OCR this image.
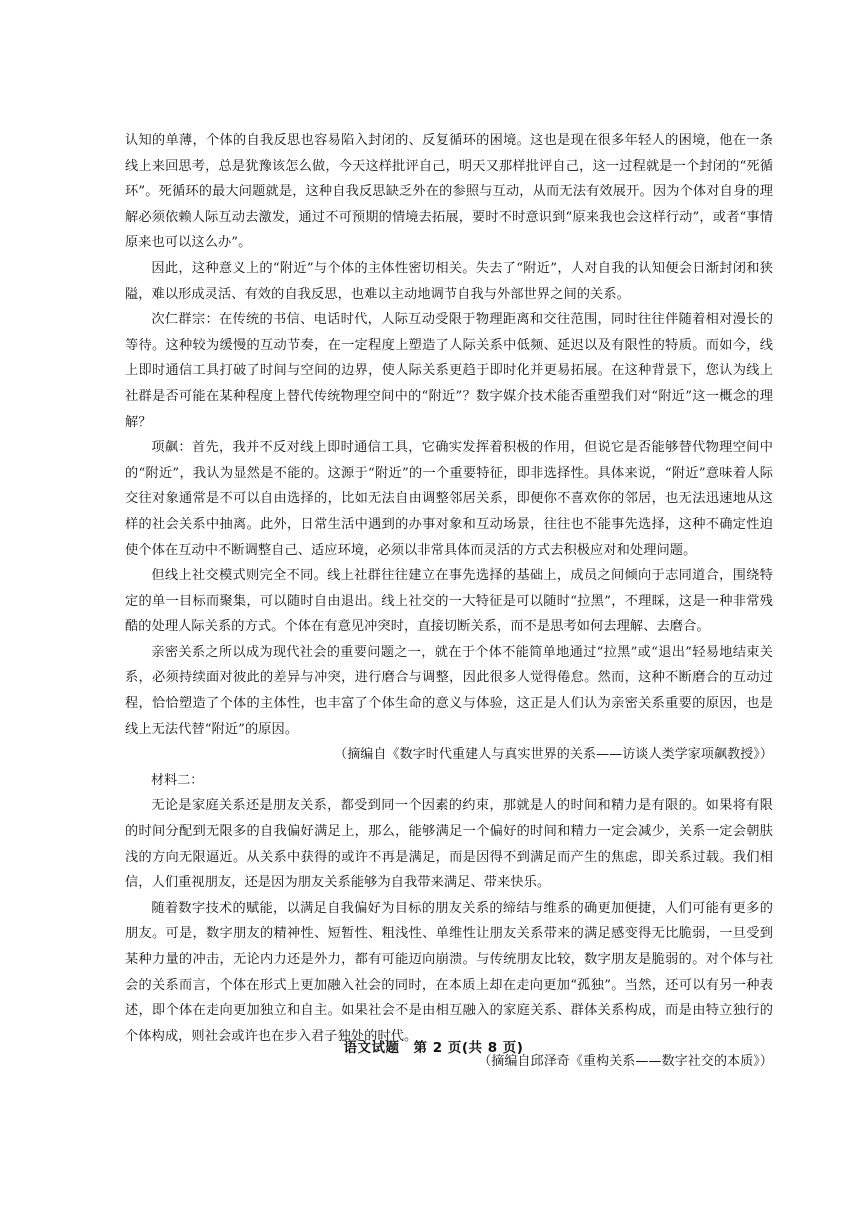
认知的单薄，个体的自我反思也容易陷入封闭的、反复循环的困境。这也是现在很多年轻人的困境，他在一条线上来回思考，总是犹豫该怎么做，今天这样批评自己，明天又那样批评自己，这一过程就是一个封闭的“死循环”。死循环的最大问题就是，这种自我反思缺乏外在的参照与互动，从而无法有效展开。因为个体对自身的理解必须依赖人际互动去激发，通过不可预期的情境去拓展，要时不时意识到“原来我也会这样行动”，或者“事情原来也可以这么办”。

因此，这种意义上的“附近”与个体的主体性密切相关。失去了“附近”，人对自我的认知便会日渐封闭和狭隘，难以形成灵活、有效的自我反思，也难以主动地调节自我与外部世界之间的关系。

次仁群宗：在传统的书信、电话时代，人际互动受限于物理距离和交往范围，同时往往伴随着相对漫长的等待。这种较为缓慢的互动节奏，在一定程度上塑造了人际关系中低频、延迟以及有限性的特质。而如今，线上即时通信工具打破了时间与空间的边界，使人际关系更趋于即时化并更易拓展。在这种背景下，您认为线上社群是否可能在某种程度上替代传统物理空间中的“附近”？数字媒介技术能否重塑我们对“附近”这一概念的理解？

项飙：首先，我并不反对线上即时通信工具，它确实发挥着积极的作用，但说它是否能够替代物理空间中的“附近”，我认为显然是不能的。这源于“附近”的一个重要特征，即非选择性。具体来说，“附近”意味着人际交往对象通常是不可以自由选择的，比如无法自由调整邻居关系，即便你不喜欢你的邻居，也无法迅速地从这样的社会关系中抽离。此外，日常生活中遇到的办事对象和互动场景，往往也不能事先选择，这种不确定性迫使个体在互动中不断调整自己、适应环境，必须以非常具体而灵活的方式去积极应对和处理问题。

但线上社交模式则完全不同。线上社群往往建立在事先选择的基础上，成员之间倾向于志同道合，围绕特定的单一目标而聚集，可以随时自由退出。线上社交的一大特征是可以随时“拉黑”，不理睬，这是一种非常残酷的处理人际关系的方式。个体在有意见冲突时，直接切断关系，而不是思考如何去理解、去磨合。

亲密关系之所以成为现代社会的重要问题之一，就在于个体不能简单地通过“拉黑”或“退出”轻易地结束关系，必须持续面对彼此的差异与冲突，进行磨合与调整，因此很多人觉得倦怠。然而，这种不断磨合的互动过程，恰恰塑造了个体的主体性，也丰富了个体生命的意义与体验，这正是人们认为亲密关系重要的原因，也是线上无法代替“附近”的原因。

（摘编自《数字时代重建人与真实世界的关系——访谈人类学家项飙教授》）

材料二：

无论是家庭关系还是朋友关系，都受到同一个因素的约束，那就是人的时间和精力是有限的。如果将有限的时间分配到无限多的自我偏好满足上，那么，能够满足一个偏好的时间和精力一定会减少，关系一定会朝肤浅的方向无限逼近。从关系中获得的或许不再是满足，而是因得不到满足而产生的焦虑，即关系过载。我们相信，人们重视朋友，还是因为朋友关系能够为自我带来满足、带来快乐。

随着数字技术的赋能，以满足自我偏好为目标的朋友关系的缔结与维系的确更加便捷，人们可能有更多的朋友。可是，数字朋友的精神性、短暂性、粗浅性、单维性让朋友关系带来的满足感变得无比脆弱，一旦受到某种力量的冲击，无论内力还是外力，都有可能迈向崩溃。与传统朋友比较，数字朋友是脆弱的。对个体与社会的关系而言，个体在形式上更加融入社会的同时，在本质上却在走向更加“孤独”。当然，还可以有另一种表述，即个体在走向更加独立和自主。如果社会不是由相互融入的家庭关系、群体关系构成，而是由特立独行的个体构成，则社会或许也在步入君子独处的时代。

（摘编自邱泽奇《重构关系——数字社交的本质》）

语文试题　第 2 页(共 8 页)
